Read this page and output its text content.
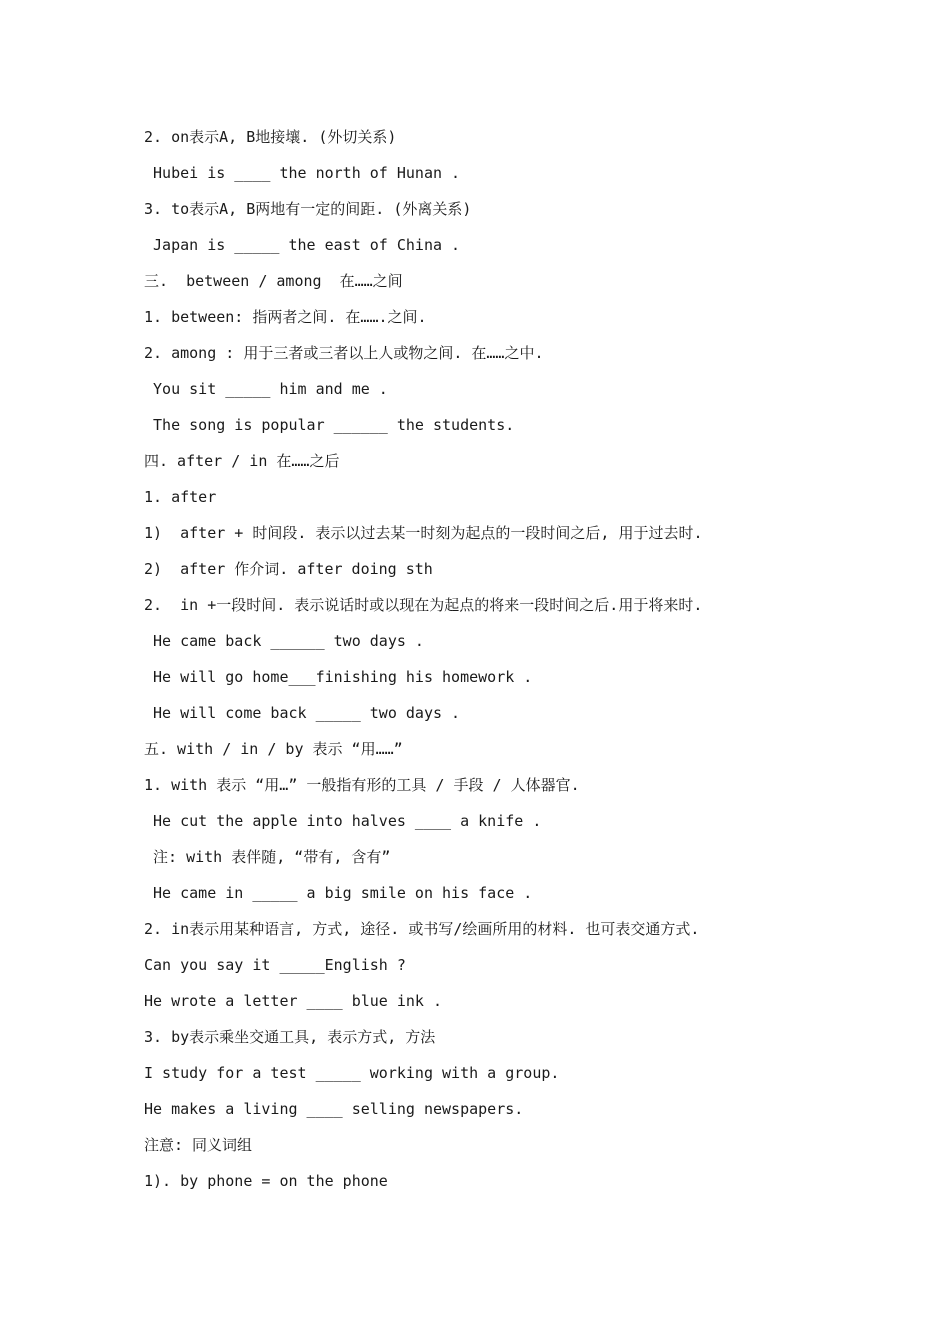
2. on表示A, B地接壤. (外切关系)
Hubei is ____ the north of Hunan .
3. to表示A, B两地有一定的间距. (外离关系)
Japan is _____ the east of China .
三.  between / among  在……之间
1. between: 指两者之间. 在…….之间.
2. among : 用于三者或三者以上人或物之间. 在……之中.
You sit _____ him and me .
The song is popular ______ the students.
四. after / in 在……之后
1. after
1)  after + 时间段. 表示以过去某一时刻为起点的一段时间之后, 用于过去时.
2)  after 作介词. after doing sth
2.  in +一段时间. 表示说话时或以现在为起点的将来一段时间之后.用于将来时.
He came back ______ two days .
He will go home___finishing his homework .
He will come back _____ two days .
五. with / in / by 表示 “用……”
1. with 表示 “用…” 一般指有形的工具 / 手段 / 人体器官.
He cut the apple into halves ____ a knife .
注: with 表伴随, “带有, 含有”
He came in _____ a big smile on his face .
2. in表示用某种语言, 方式, 途径. 或书写/绘画所用的材料. 也可表交通方式.
Can you say it _____English ?
He wrote a letter ____ blue ink .
3. by表示乘坐交通工具, 表示方式, 方法
I study for a test _____ working with a group.
He makes a living ____ selling newspapers.
注意: 同义词组
1). by phone = on the phone
